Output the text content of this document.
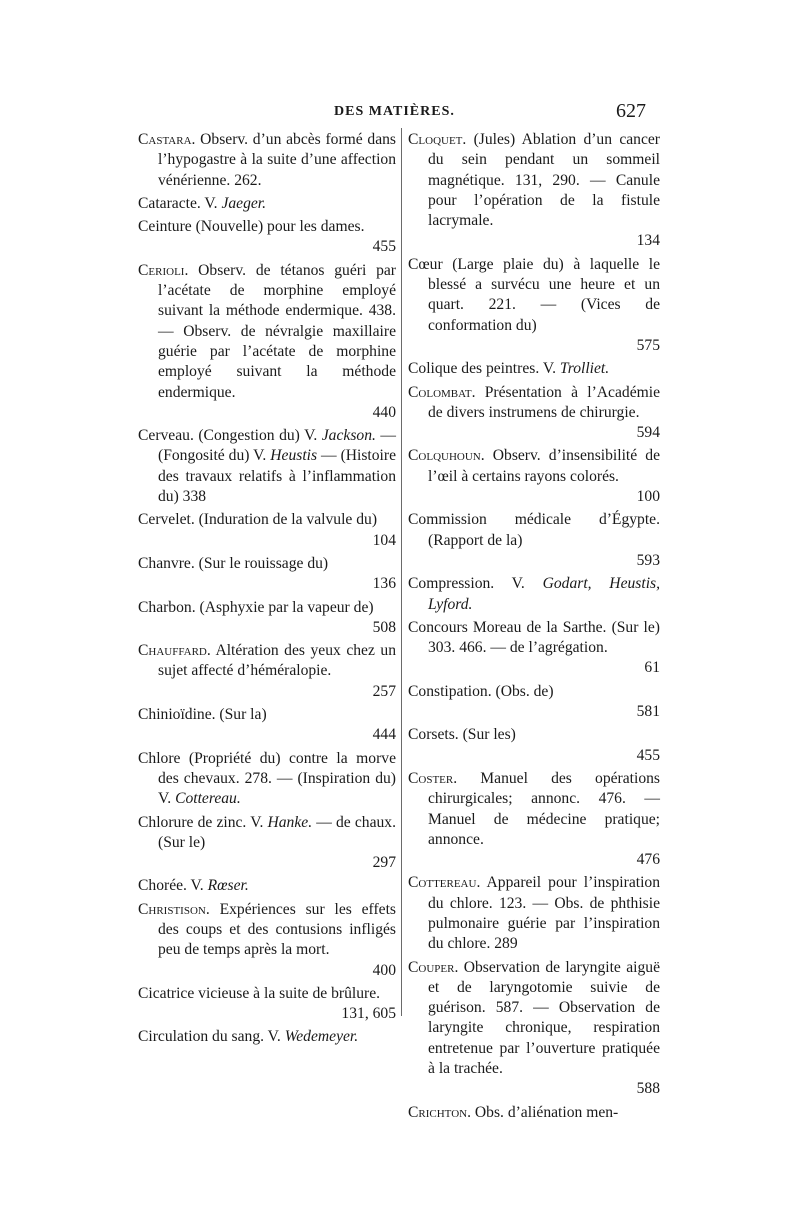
DES MATIÈRES.	627

Castara. Observ. d’un abcès formé dans l’hypogastre à la suite d’une affection vénérienne. 262.

Cataracte. V. Jaeger.

Ceinture (Nouvelle) pour les dames.
455

Cerioli. Observ. de tétanos guéri par l’acétate de morphine employé suivant la méthode endermique. 438. — Observ. de névralgie maxillaire guérie par l’acétate de morphine employé suivant la méthode endermique.
440

Cerveau. (Congestion du) V. Jackson. — (Fongosité du) V. Heustis — (Histoire des travaux relatifs à l’inflammation du) 338

Cervelet. (Induration de la valvule du)
104

Chanvre. (Sur le rouissage du)
136

Charbon. (Asphyxie par la vapeur de)
508

Chauffard. Altération des yeux chez un sujet affecté d’héméralopie.
257

Chinioïdine. (Sur la)
444

Chlore (Propriété du) contre la morve des chevaux. 278. — (Inspiration du) V. Cottereau.

Chlorure de zinc. V. Hanke. — de chaux. (Sur le)
297

Chorée. V. Rœser.

Christison. Expériences sur les effets des coups et des contusions infligés peu de temps après la mort.
400

Cicatrice vicieuse à la suite de brûlure.
131, 605

Circulation du sang. V. Wedemeyer.

Cloquet. (Jules) Ablation d’un cancer du sein pendant un sommeil magnétique. 131, 290. — Canule pour l’opération de la fistule lacrymale.
134

Cœur (Large plaie du) à laquelle le blessé a survécu une heure et un quart. 221. — (Vices de conformation du)
575

Colique des peintres. V. Trolliet.

Colombat. Présentation à l’Académie de divers instrumens de chirurgie.
594

Colquhoun. Observ. d’insensibilité de l’œil à certains rayons colorés.
100

Commission médicale d’Égypte. (Rapport de la)
593

Compression. V. Godart, Heustis, Lyford.

Concours Moreau de la Sarthe. (Sur le) 303. 466. — de l’agrégation.
61

Constipation. (Obs. de)
581

Corsets. (Sur les)
455

Coster. Manuel des opérations chirurgicales; annonc. 476. — Manuel de médecine pratique; annonce.
476

Cottereau. Appareil pour l’inspiration du chlore. 123. — Obs. de phthisie pulmonaire guérie par l’inspiration du chlore. 289

Couper. Observation de laryngite aiguë et de laryngotomie suivie de guérison. 587. — Observation de laryngite chronique, respiration entretenue par l’ouverture pratiquée à la trachée.
588

Crichton. Obs. d’aliénation men-
